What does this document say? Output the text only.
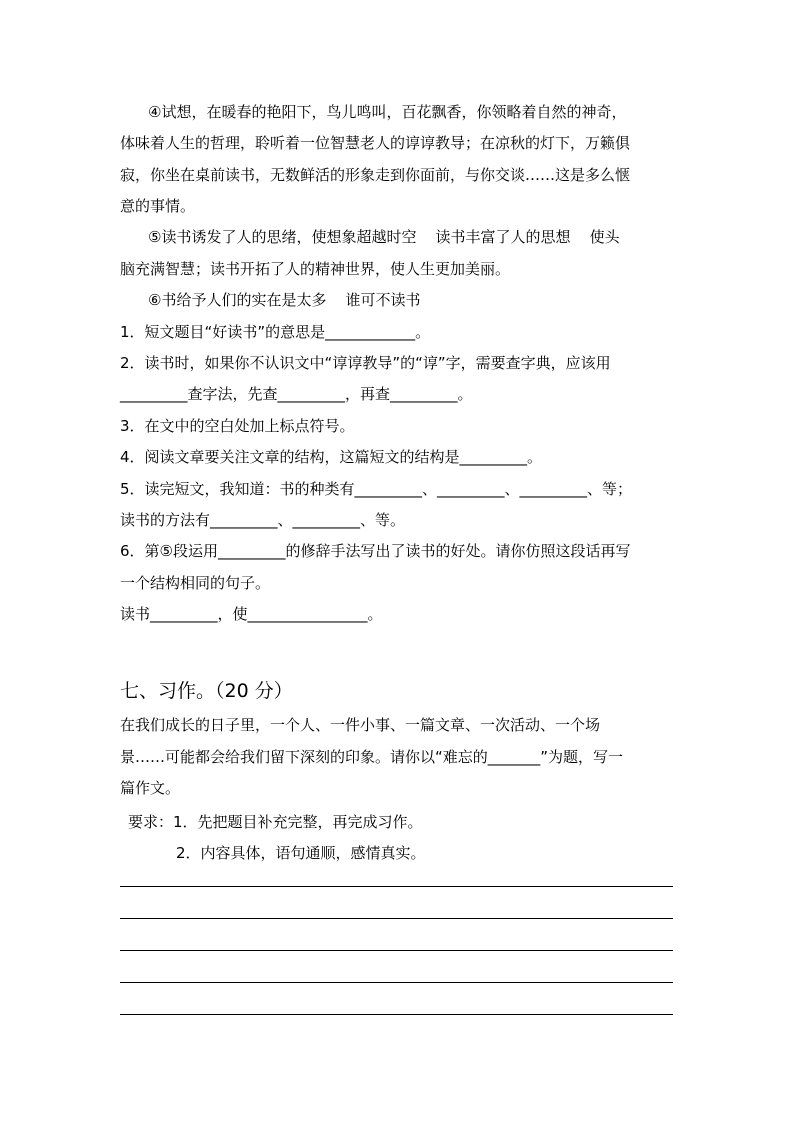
④试想，在暖春的艳阳下，鸟儿鸣叫，百花飘香，你领略着自然的神奇，
体味着人生的哲理，聆听着一位智慧老人的谆谆教导；在凉秋的灯下，万籁俱
寂，你坐在桌前读书，无数鲜活的形象走到你面前，与你交谈……这是多么惬
意的事情。
⑤读书诱发了人的思绪，使想象超越时空    读书丰富了人的思想    使头
脑充满智慧；读书开拓了人的精神世界，使人生更加美丽。
⑥书给予人们的实在是太多    谁可不读书
1．短文题目“好读书”的意思是____________。
2．读书时，如果你不认识文中“谆谆教导”的“谆”字，需要查字典，应该用
_________查字法，先查_________，再查_________。
3．在文中的空白处加上标点符号。
4．阅读文章要关注文章的结构，这篇短文的结构是_________。
5．读完短文，我知道：书的种类有_________、_________、_________、等；
读书的方法有_________、_________、等。
6．第⑤段运用_________的修辞手法写出了读书的好处。请你仿照这段话再写
一个结构相同的句子。
读书_________，使________________。
七、习作。（20 分）
在我们成长的日子里，一个人、一件小事、一篇文章、一次活动、一个场
景……可能都会给我们留下深刻的印象。请你以“难忘的_______”为题，写一
篇作文。
要求：1．先把题目补充完整，再完成习作。
2．内容具体，语句通顺，感情真实。
